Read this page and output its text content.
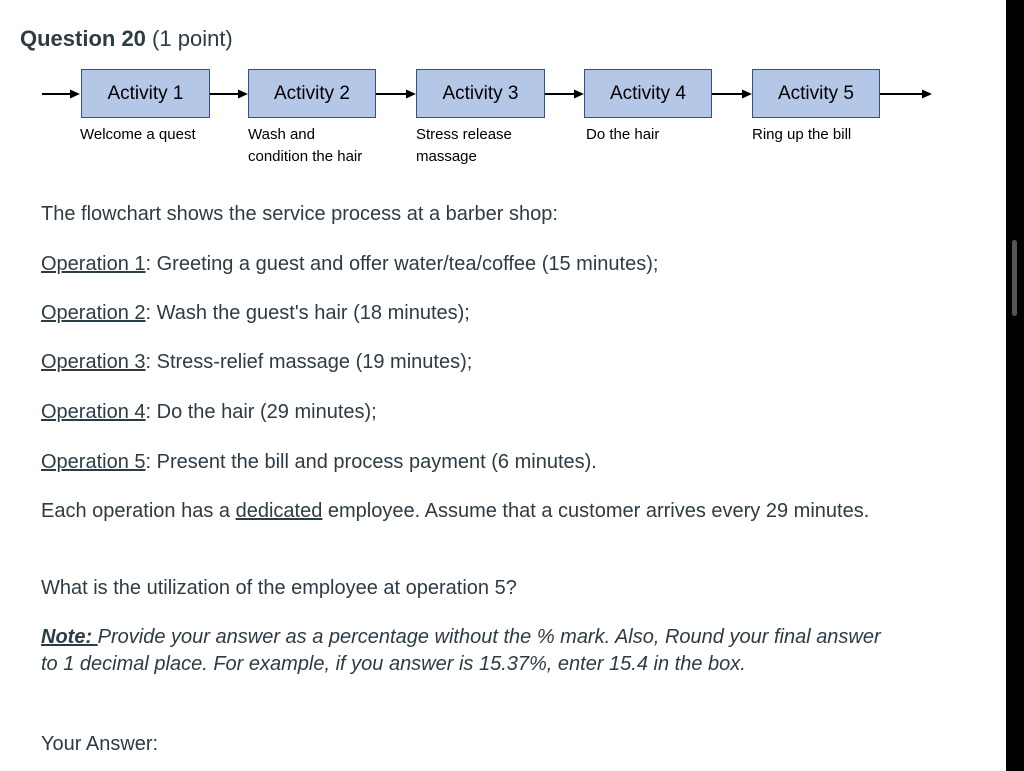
Question 20 (1 point)
Activity 1	Activity 2	Activity 3	Activity 4	Activity 5
Welcome a quest	Wash and
condition the hair
Stress release
massage
Do the hair	Ring up the bill
The flowchart shows the service process at a barber shop:
Operation 1: Greeting a guest and offer water/tea/coffee (15 minutes);
Operation 2: Wash the guest's hair (18 minutes);
Operation 3: Stress-relief massage (19 minutes);
Operation 4: Do the hair (29 minutes);
Operation 5: Present the bill and process payment (6 minutes).
Each operation has a dedicated employee. Assume that a customer arrives every 29 minutes.
What is the utilization of the employee at operation 5?
Note: Provide your answer as a percentage without the % mark. Also, Round your final answer to 1 decimal place. For example, if you answer is 15.37%, enter 15.4 in the box.
Your Answer:
